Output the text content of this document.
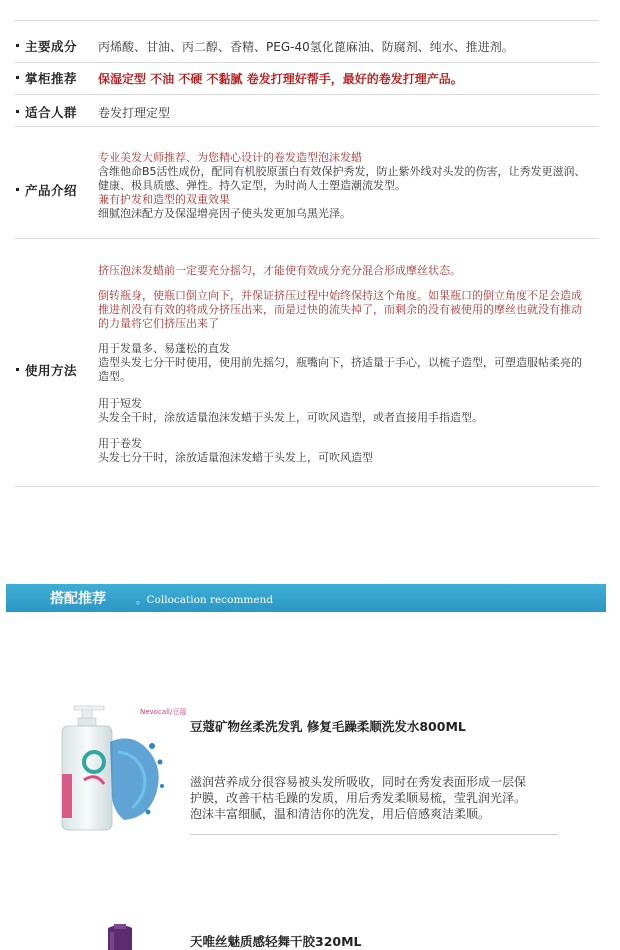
主要成分 丙烯酸、甘油、丙二醇、香精、PEG-40氢化蓖麻油、防腐剂、纯水、推进剂。
掌柜推荐 保湿定型 不油 不硬 不黏腻 卷发打理好帮手，最好的卷发打理产品。
适合人群 卷发打理定型
产品介绍
专业美发大师推荐、为您精心设计的卷发造型泡沫发蜡
含维他命B5活性成份，配同有机胶原蛋白有效保护秀发，防止紫外线对头发的伤害，让秀发更滋润、
健康、极具质感、弹性。持久定型，为时尚人士塑造潮流发型。
兼有护发和造型的双重效果
细腻泡沫配方及保湿增亮因子使头发更加乌黑光泽。
使用方法
挤压泡沫发蜡前一定要充分摇匀，才能使有效成分充分混合形成摩丝状态。
倒转瓶身，使瓶口倒立向下，并保证挤压过程中始终保持这个角度。如果瓶口的倒立角度不足会造成
推进剂没有有效的将成分挤压出来，而是过快的流失掉了，而剩余的没有被使用的摩丝也就没有推动
的力量将它们挤压出来了
用于发量多、易蓬松的直发
造型头发七分干时使用，使用前先摇匀，瓶嘴向下，挤适量于手心，以梳子造型，可塑造服帖柔亮的
造型。
用于短发
头发全干时，涂放适量泡沫发蜡于头发上，可吹风造型，或者直接用手指造型。
用于卷发
头发七分干时，涂放适量泡沫发蜡于头发上，可吹风造型
搭配推荐	。Collocation recommend
Nevocall/豆蔻
豆蔻矿物丝柔洗发乳 修复毛躁柔顺洗发水800ML
滋润营养成分很容易被头发所吸收，同时在秀发表面形成一层保
护膜，改善干枯毛躁的发质，用后秀发柔顺易梳，莹乳润光泽。
泡沫丰富细腻，温和清洁你的洗发，用后倍感爽洁柔顺。
天唯丝魅质感轻舞干胶320ML
